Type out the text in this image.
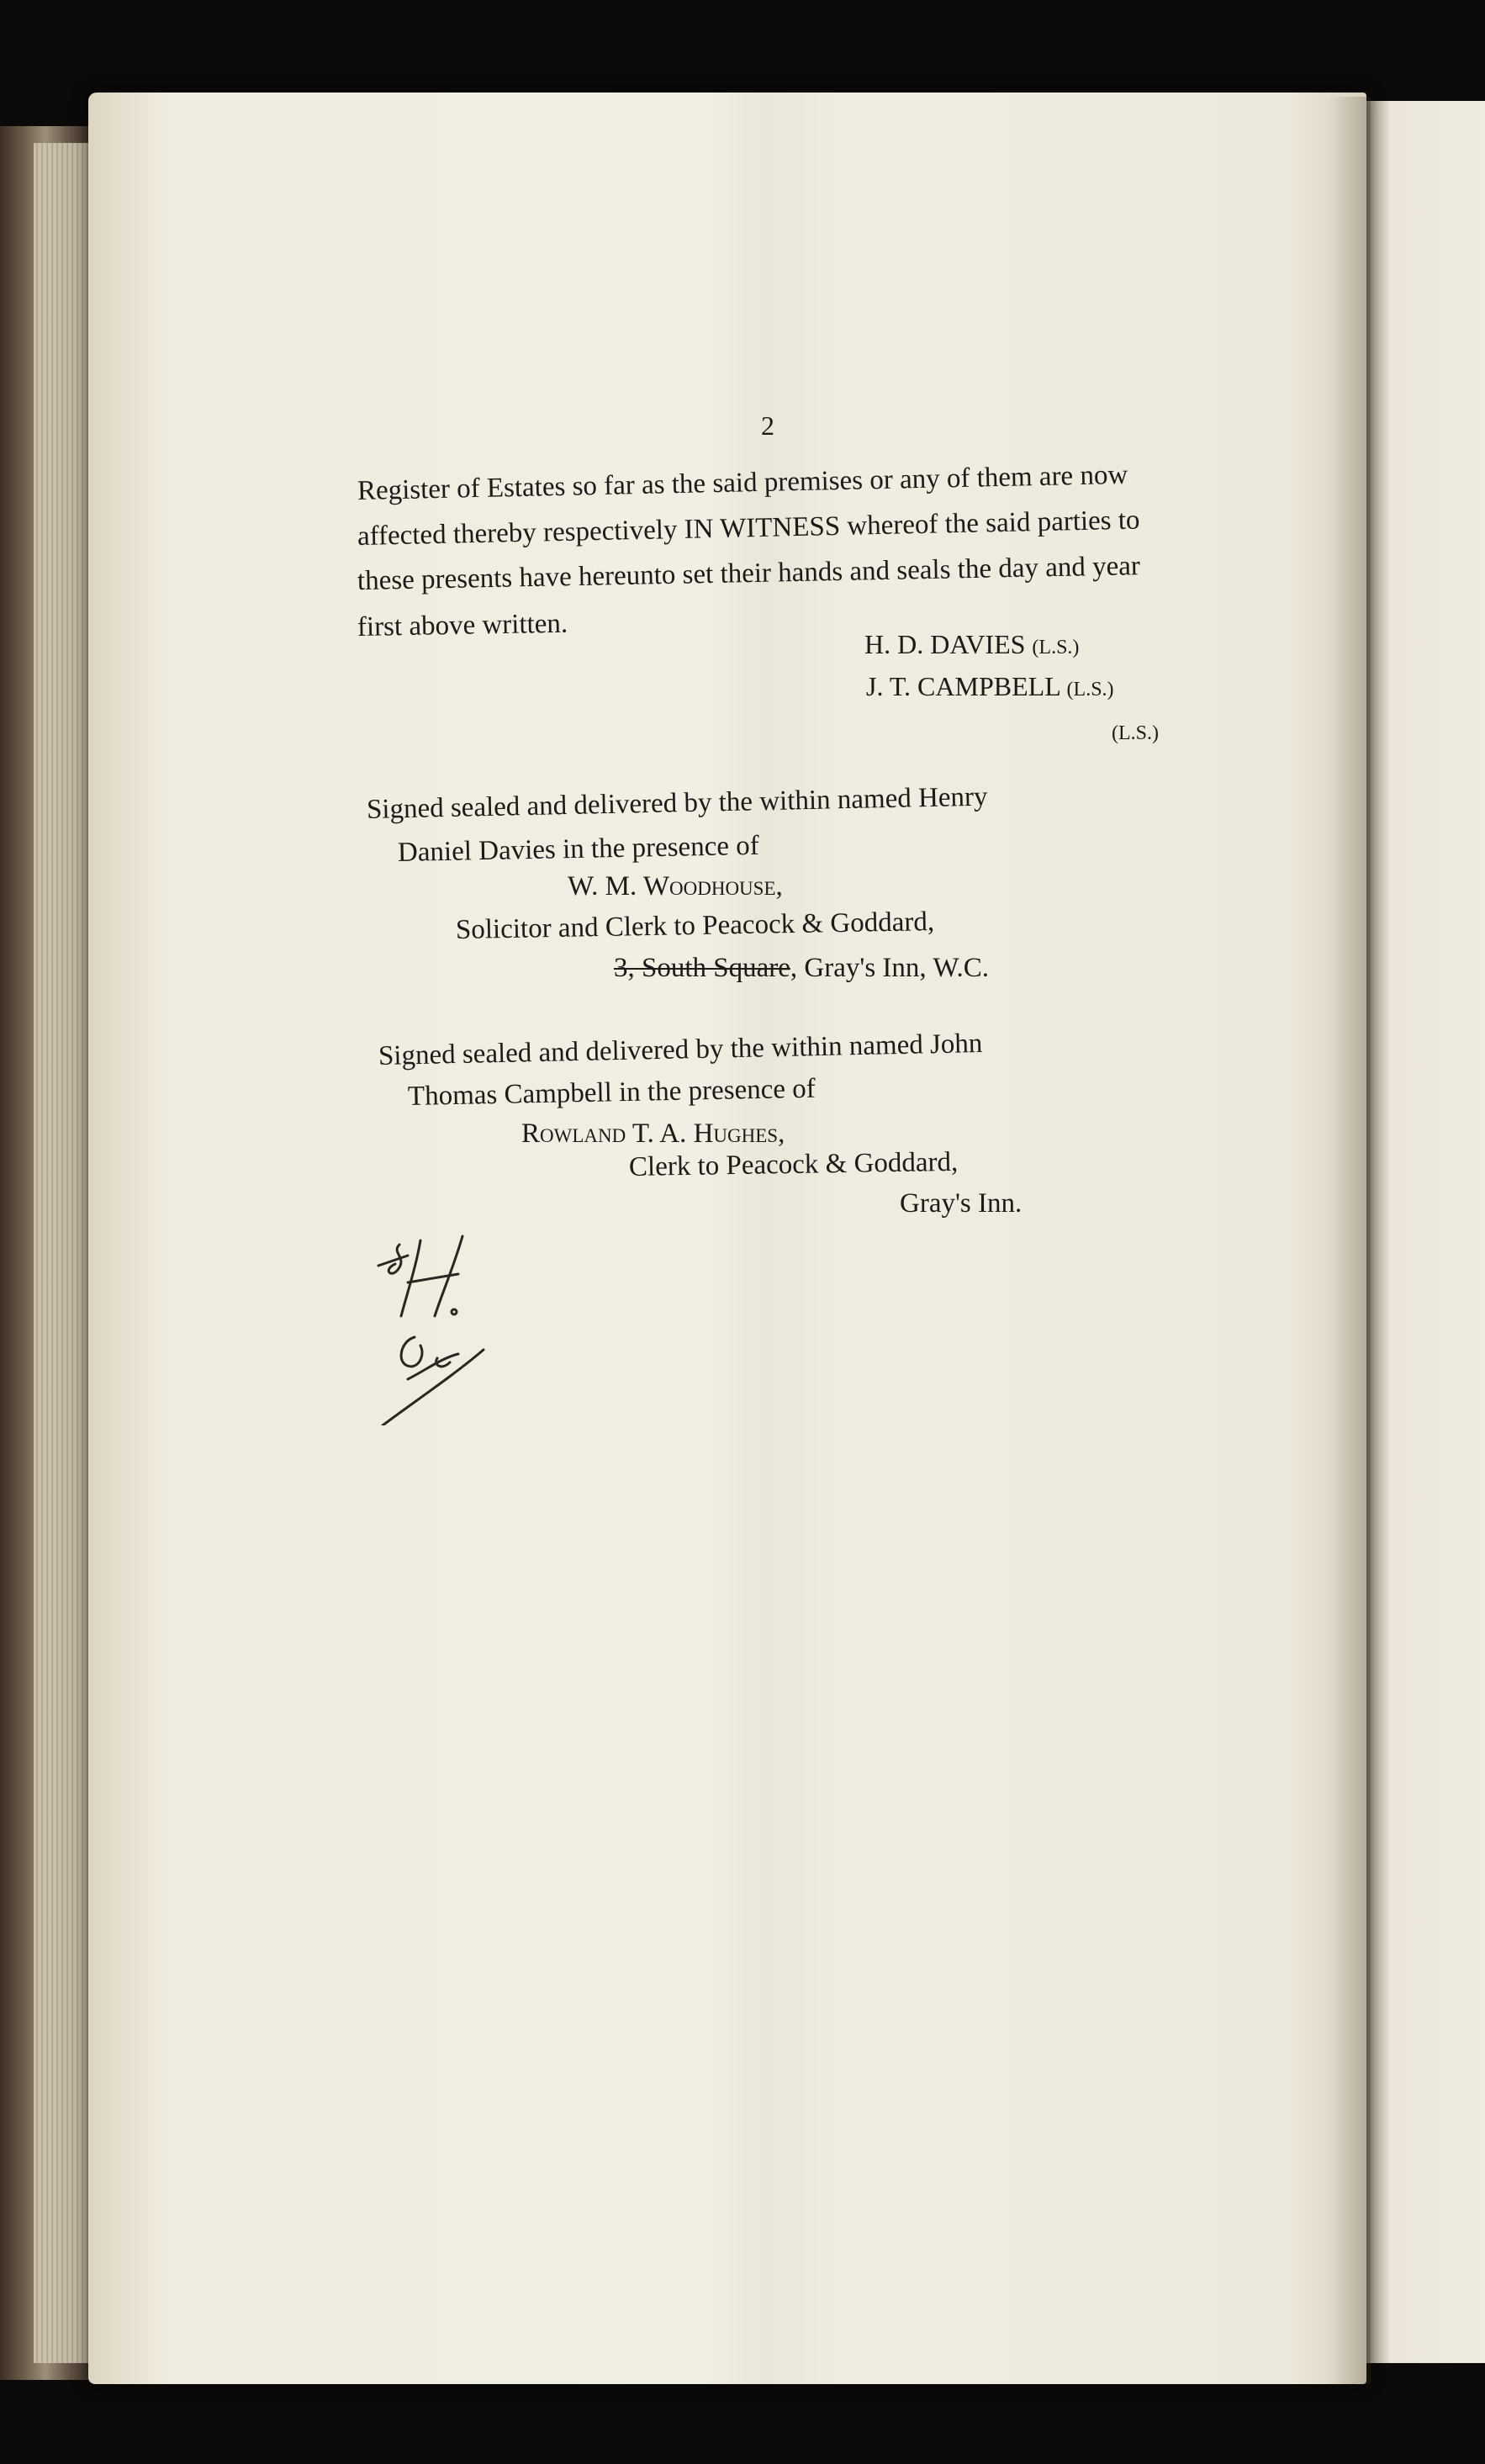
2
Register of Estates so far as the said premises or any of them are now
affected thereby respectively IN WITNESS whereof the said parties to
these presents have hereunto set their hands and seals the day and year
first above written.
H. D. DAVIES (L.S.)
J. T. CAMPBELL (L.S.)
(L.S.)
Signed sealed and delivered by the within named Henry
Daniel Davies in the presence of
W. M. Woodhouse,
Solicitor and Clerk to Peacock & Goddard,
3, South Square, Gray's Inn, W.C.
Signed sealed and delivered by the within named John
Thomas Campbell in the presence of
Rowland T. A. Hughes,
Clerk to Peacock & Goddard,
Gray's Inn.
